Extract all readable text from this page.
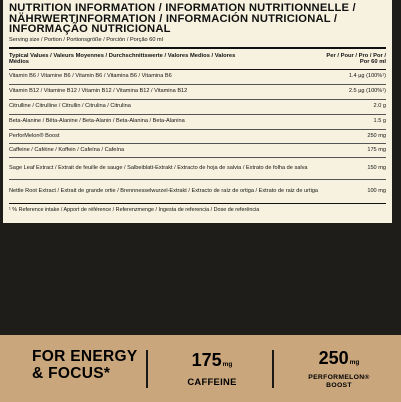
NUTRITION INFORMATION / INFORMATION NUTRITIONNELLE /
NÄHRWERTINFORMATION / INFORMACIÓN NUTRICIONAL /
INFORMAÇÃO NUTRICIONAL
Serving size / Portion / Portionsgröße / Porción / Porção 60 ml
Typical Values / Valeurs Moyennes / Durchschnittswerte / Valores Medios / Valores Médios
Per / Pour / Pro / Por /
Por 60 ml
Vitamin B6 / Vitamine B6 / Vitamin B6 / Vitamina B6 / Vitamina B6	1.4 µg (100%¹)
Vitamin B12 / Vitamine B12 / Vitamin B12 / Vitamina B12 / Vitamina B12	2.5 µg (100%¹)
Citrulline / Citrulline / Citrullin / Citrulina / Citrulina	2.0 g
Beta-Alanine / Bêta-Alanine / Beta-Alanin / Beta-Alanina / Beta-Alanina	1.5 g
PerforMelon® Boost	250 mg
Caffeine / Caféine / Koffein / Cafeína / Cafeína	175 mg
Sage Leaf Extract / Extrait de feuille de sauge / Salbeiblatt-Extrakt / Extracto de hoja de salvia / Extrato de folha de salva	150 mg
Nettle Root Extract / Extrait de grande ortie / Brennnesselwurzel-Extrakt / Extracto de raíz de ortiga / Extrato de raiz de urtiga	100 mg
¹ % Reference intake / Apport de référence / Referenzmenge / Ingesta de referencia / Dose de referência
FOR ENERGY
& FOCUS*
175mg
CAFFEINE
250mg
PERFORMELON®
BOOST
